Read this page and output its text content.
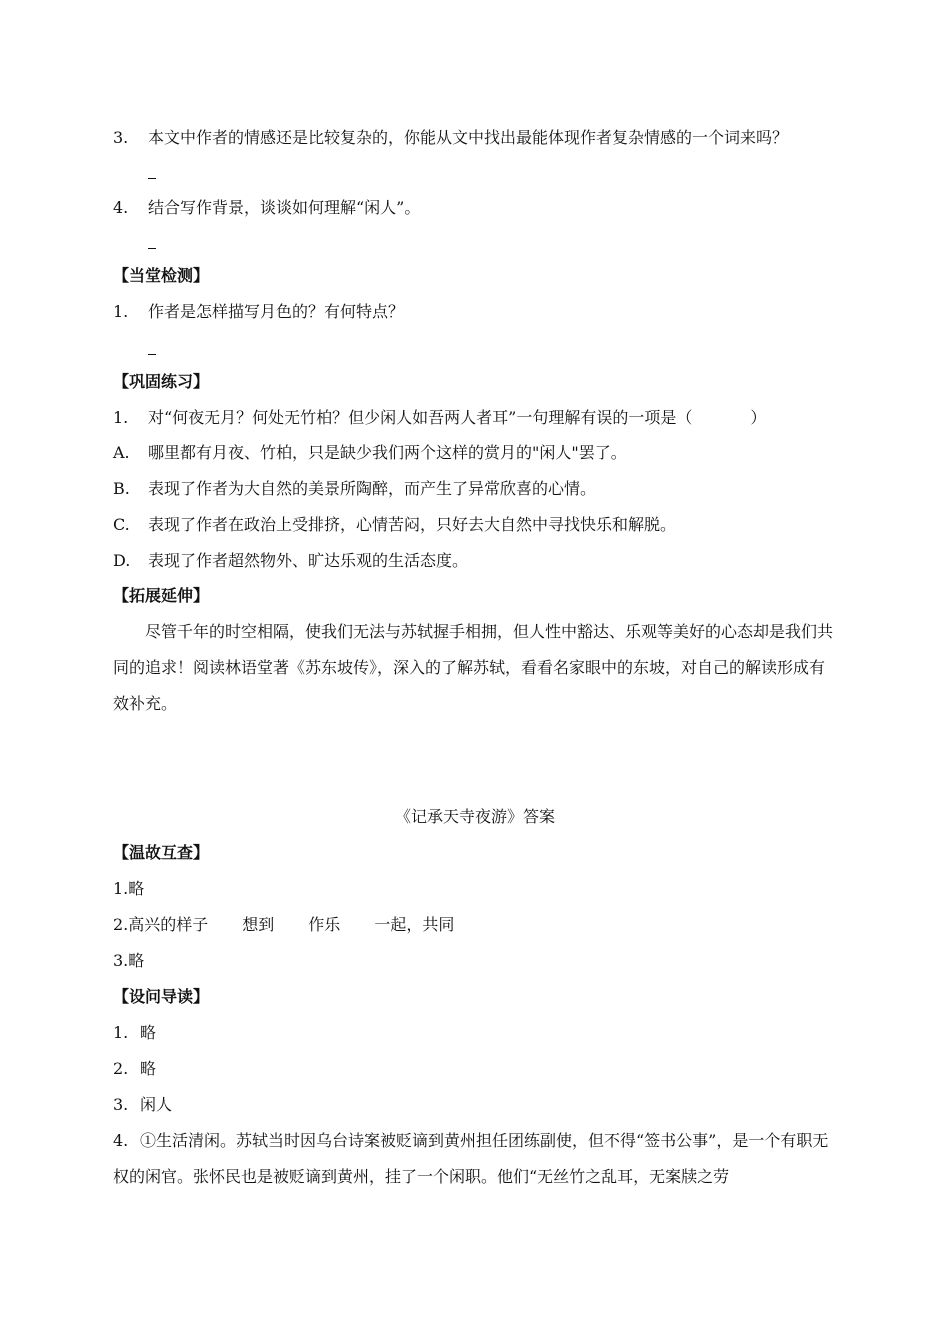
3. 本文中作者的情感还是比较复杂的，你能从文中找出最能体现作者复杂情感的一个词来吗？
4. 结合写作背景，谈谈如何理解“闲人”。
【当堂检测】
1. 作者是怎样描写月色的？有何特点？
【巩固练习】
1. 对“何夜无月？何处无竹柏？但少闲人如吾两人者耳”一句理解有误的一项是（	）
A. 哪里都有月夜、竹柏，只是缺少我们两个这样的赏月的"闲人"罢了。
B. 表现了作者为大自然的美景所陶醉，而产生了异常欣喜的心情。
C. 表现了作者在政治上受排挤，心情苦闷，只好去大自然中寻找快乐和解脱。
D. 表现了作者超然物外、旷达乐观的生活态度。
【拓展延伸】
尽管千年的时空相隔，使我们无法与苏轼握手相拥，但人性中豁达、乐观等美好的心态却是我们共同的追求！阅读林语堂著《苏东坡传》，深入的了解苏轼，看看名家眼中的东坡，对自己的解读形成有效补充。
《记承天寺夜游》答案
【温故互查】
1.略
2.高兴的样子 想到 作乐 一起，共同
3.略
【设问导读】
1. 略
2. 略
3. 闲人
4. ①生活清闲。苏轼当时因乌台诗案被贬谪到黄州担任团练副使，但不得“签书公事”，是一个有职无权的闲官。张怀民也是被贬谪到黄州，挂了一个闲职。他们“无丝竹之乱耳，无案牍之劳
